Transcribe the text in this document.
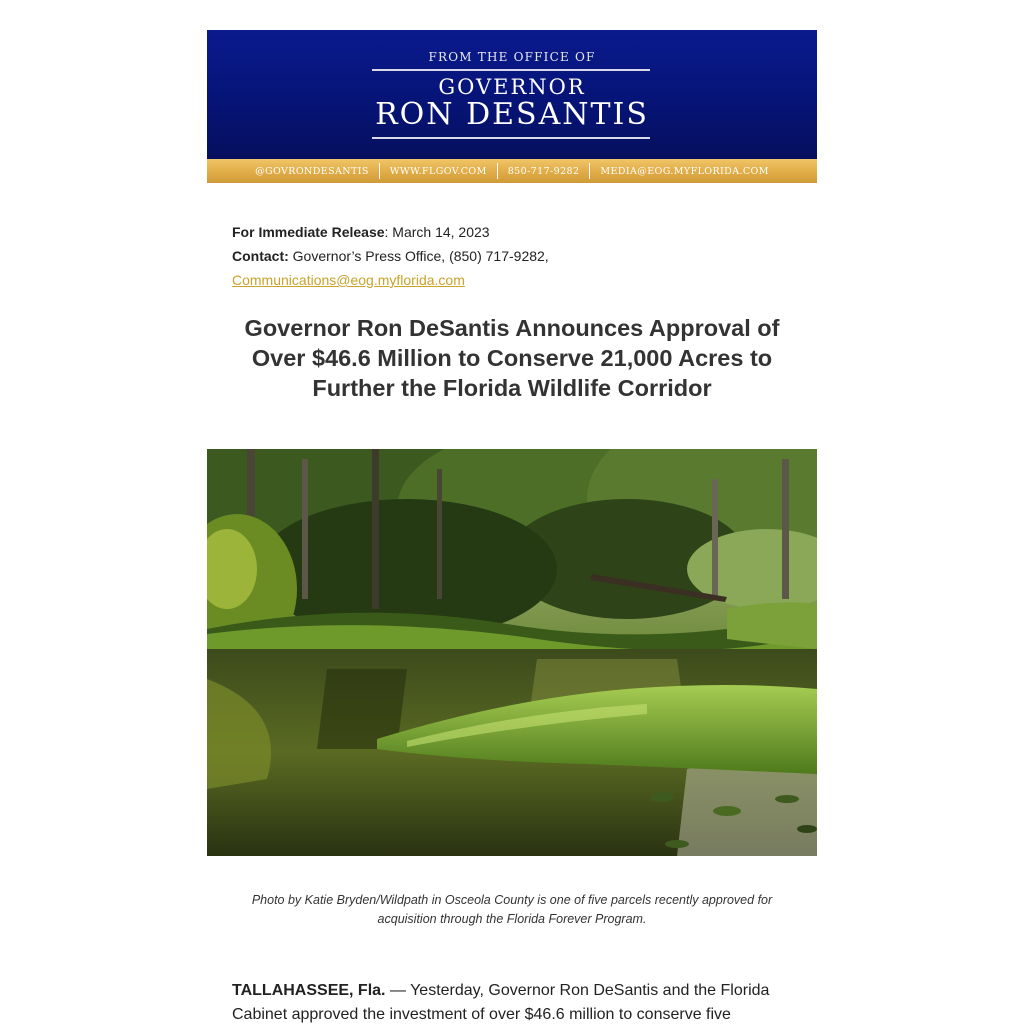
FROM THE OFFICE OF
GOVERNOR
RON DESANTIS
@GOVRONDESANTIS	WWW.FLGOV.COM	850-717-9282	MEDIA@EOG.MYFLORIDA.COM
For Immediate Release: March 14, 2023
Contact: Governor’s Press Office, (850) 717-9282,
Communications@eog.myflorida.com
Governor Ron DeSantis Announces Approval of
Over $46.6 Million to Conserve 21,000 Acres to
Further the Florida Wildlife Corridor
Photo by Katie Bryden/Wildpath in Osceola County is one of five parcels recently approved for
acquisition through the Florida Forever Program.
TALLAHASSEE, Fla. — Yesterday, Governor Ron DeSantis and the Florida
Cabinet approved the investment of over $46.6 million to conserve five
